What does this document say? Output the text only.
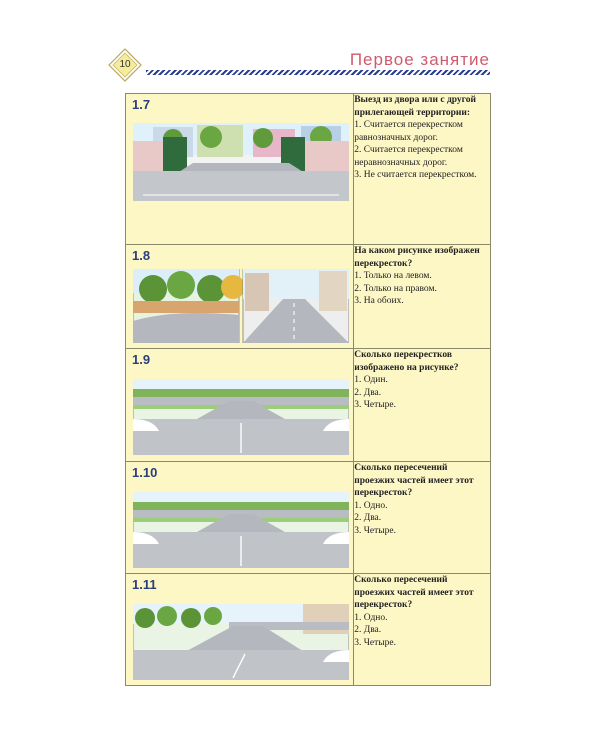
10	Первое занятие
1.7	Выезд из двора или с другой прилегающей территории:
1. Считается перекрестком равнозначных дорог.
2. Считается перекрестком неравнозначных дорог.
3. Не считается перекрестком.

1.8	На каком рисунке изображен перекресток?
1. Только на левом.
2. Только на правом.
3. На обоих.

1.9	Сколько перекрестков изображено на рисунке?
1. Один.
2. Два.
3. Четыре.

1.10	Сколько пересечений проезжих частей имеет этот перекресток?
1. Одно.
2. Два.
3. Четыре.

1.11	Сколько пересечений проезжих частей имеет этот перекресток?
1. Одно.
2. Два.
3. Четыре.
